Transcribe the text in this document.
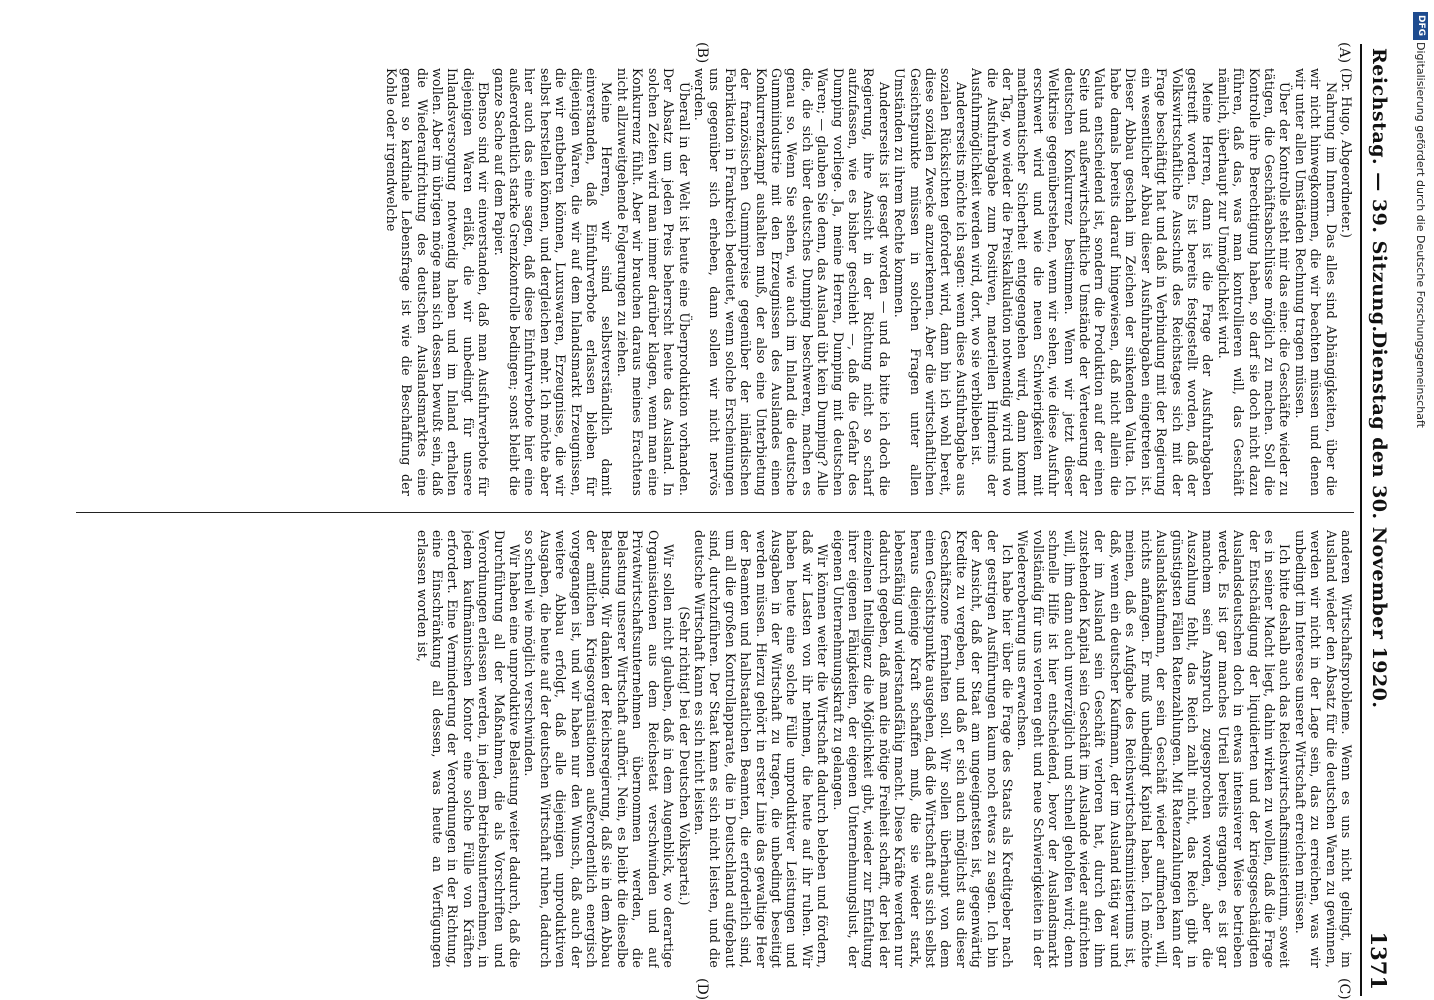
Reichstag. — 39. Sitzung.
Dienstag den 30. November 1920.
1371
(A)
(B)
(C)
(D)

(Dr. Hugo, Abgeordneter.)

Nahrung im Innern. Das alles sind Abhängigkeiten, über die wir nicht hinwegkommen, die wir beachten müssen und denen wir unter allen Umständen Rechnung tragen müssen.

Über der Kontrolle steht mir das eine: die Geschäfte wieder zu tätigen, die Geschäftsabschlüsse möglich zu machen. Soll die Kontrolle ihre Berechtigung haben, so darf sie doch nicht dazu führen, daß das, was man kontrollieren will, das Geschäft nämlich, überhaupt zur Unmöglichkeit wird.

Meine Herren, dann ist die Frage der Ausfuhrabgaben gestreift worden. Es ist bereits festgestellt worden, daß der Volkswirtschaftliche Ausschuß des Reichstages sich mit der Frage beschäftigt hat und daß in Verbindung mit der Regierung ein wesentlicher Abbau dieser Ausfuhrabgaben eingetreten ist. Dieser Abbau geschah im Zeichen der sinkenden Valuta. Ich habe damals bereits darauf hingewiesen, daß nicht allein die Valuta entscheidend ist, sondern die Produktion auf der einen Seite und außerwirtschaftliche Umstände der Verteuerung der deutschen Konkurrenz bestimmen. Wenn wir jetzt dieser Weltkrise gegenüberstehen, wenn wir sehen, wie diese Ausfuhr erschwert wird und wie die neuen Schwierigkeiten mit mathematischer Sicherheit entgegengehen wird, dann kommt der Tag, wo wieder die Preiskalkulation notwendig wird und wo die Ausfuhrabgabe zum Positiven, materiellen Hindernis der Ausfuhrmöglichkeit werden wird, dort, wo sie verblieben ist.

Andererseits möchte ich sagen: wenn diese Ausfuhrabgabe aus sozialen Rücksichten gefordert wird, dann bin ich wohl bereit, diese sozialen Zwecke anzuerkennen. Aber die wirtschaftlichen Gesichtspunkte müssen in solchen Fragen unter allen Umständen zu ihrem Rechte kommen.

Andererseits ist gesagt worden — und da bitte ich doch die Regierung, ihre Ansicht in der Richtung nicht so scharf aufzufassen, wie es bisher geschieht —, daß die Gefahr des Dumping vorliege. Ja, meine Herren, Dumping mit deutschen Waren; — glauben Sie denn, das Ausland übt kein Dumping? Alle die, die sich über deutsches Dumping beschweren, machen es genau so. Wenn Sie sehen, wie auch im Inland die deutsche Gummiindustrie mit den Erzeugnissen des Auslandes einen Konkurrenzkampf aushalten muß, der also eine Unterbietung der französischen Gummipreise gegenüber der inländischen Fabrikation in Frankreich bedeutet, wenn solche Erscheinungen uns gegenüber sich erheben, dann sollen wir nicht nervös werden.

Überall in der Welt ist heute eine Überproduktion vorhanden. Der Absatz um jeden Preis beherrscht heute das Ausland. In solchen Zeiten wird man immer darüber klagen, wenn man eine Konkurrenz fühlt. Aber wir brauchen daraus meines Erachtens nicht allzuweitgehende Folgerungen zu ziehen.

Meine Herren, wir sind selbstverständlich damit einverstanden, daß Einfuhrverbote erlassen bleiben für diejenigen Waren, die wir auf dem Inlandsmarkt Erzeugnissen, die wir entbehren können, Luxuswaren, Erzeugnisse, die wir selbst herstellen können, und dergleichen mehr. Ich möchte aber hier auch das eine sagen, daß diese Einfuhrverbote hier eine außerordentlich starke Grenzkontrolle bedingen; sonst bleibt die ganze Sache auf dem Papier.

Ebenso sind wir einverstanden, daß man Ausfuhrverbote für diejenigen Waren erläßt, die wir unbedingt für unsere Inlandsversorgung notwendig haben und im Inland erhalten wollen. Aber im übrigen möge man sich dessen bewußt sein, daß die Wiederaufrichtung des deutschen Auslandsmarktes eine genau so kardinale Lebensfrage ist wie die Beschaffung der Kohle oder irgendwelche

anderen Wirtschaftsprobleme. Wenn es uns nicht gelingt, im Ausland wieder den Absatz für die deutschen Waren zu gewinnen, werden wir nicht in der Lage sein, das zu erreichen, was wir unbedingt im Interesse unserer Wirtschaft erreichen müssen.

Ich bitte deshalb auch das Reichswirtschaftsministerium, soweit es in seiner Macht liegt, dahin wirken zu wollen, daß die Frage der Entschädigung der liquidierten und der kriegsgeschädigten Auslandsdeutschen doch in etwas intensiverer Weise betrieben werde. Es ist gar manches Urteil bereits ergangen, es ist gar manchem sein Anspruch zugesprochen worden, aber die Auszahlung fehlt, das Reich zahlt nicht, das Reich gibt in günstigsten Fällen Ratenzahlungen. Mit Ratenzahlungen kann der Auslandskaufmann, der sein Geschäft wieder aufmachen will, nichts anfangen. Er muß unbedingt Kapital haben. Ich möchte meinen, daß es Aufgabe des Reichswirtschaftsministeriums ist, daß, wenn ein deutscher Kaufmann, der im Ausland tätig war und der im Ausland sein Geschäft verloren hat, durch den ihm zustehenden Kapital sein Geschäft im Auslande wieder aufrichten will, ihm dann auch unverzüglich und schnell geholfen wird; denn schnelle Hilfe ist hier entscheidend, bevor der Auslandsmarkt vollständig für uns verloren geht und neue Schwierigkeiten in der Wiedereroberung uns erwachsen.

Ich habe hier über die Frage des Staats als Kreditgeber nach der gestrigen Ausführungen kaum noch etwas zu sagen. Ich bin der Ansicht, daß der Staat am ungeeignetsten ist, gegenwärtig Kredite zu vergeben, und daß er sich auch möglichst aus dieser Geschäftszone fernhalten soll. Wir sollen überhaupt von dem einen Gesichtspunkte ausgehen, daß die Wirtschaft aus sich selbst heraus diejenige Kraft schaffen muß, die sie wieder stark, lebensfähig und widerstandsfähig macht. Diese Kräfte werden nur dadurch gegeben, daß man die nötige Freiheit schafft, der bei der einzelnen Intelligenz die Möglichkeit gibt, wieder zur Entfaltung ihrer eigenen Fähigkeiten, der eigenen Unternehmungslust, der eigenen Unternehmungskraft zu gelangen.

Wir können weiter die Wirtschaft dadurch beleben und fördern, daß wir Lasten von ihr nehmen, die heute auf ihr ruhen. Wir haben heute eine solche Fülle unproduktiver Leistungen und Ausgaben in der Wirtschaft zu tragen, die unbedingt beseitigt werden müssen. Hierzu gehört in erster Linie das gewaltige Heer der Beamten und halbstaatlichen Beamten, die erforderlich sind, um all die großen Kontrollapparate, die in Deutschland aufgebaut sind, durchzuführen. Der Staat kann es sich nicht leisten, und die deutsche Wirtschaft kann es sich nicht leisten.

(Sehr richtig! bei der Deutschen Volkspartei.)

Wir sollen nicht glauben, daß in dem Augenblick, wo derartige Organisationen aus dem Reichsetat verschwinden und auf Privatwirtschaftsunternehmen übernommen werden, die Belastung unserer Wirtschaft aufhört. Nein, es bleibt die dieselbe Belastung. Wir danken der Reichsregierung, daß sie in dem Abbau der amtlichen Kriegsorganisationen außerordentlich energisch vorgegangen ist, und wir haben nur den Wunsch, daß auch der weitere Abbau erfolgt, daß alle diejenigen unproduktiven Ausgaben, die heute auf der deutschen Wirtschaft ruhen, dadurch so schnell wie möglich verschwinden.

Wir haben eine unproduktive Belastung weiter dadurch, daß die Durchführung all der Maßnahmen, die als Vorschriften und Verordnungen erlassen werden, in jedem Betriebsunternehmen, in jedem kaufmännischen Kontor eine solche Fülle von Kräften erfordert. Eine Verminderung der Verordnungen in der Richtung, eine Einschränkung all dessen, was heute an Verfügungen erlassen worden ist,

DFG
Digitalisierung gefördert durch die Deutsche Forschungsgemeinschaft
